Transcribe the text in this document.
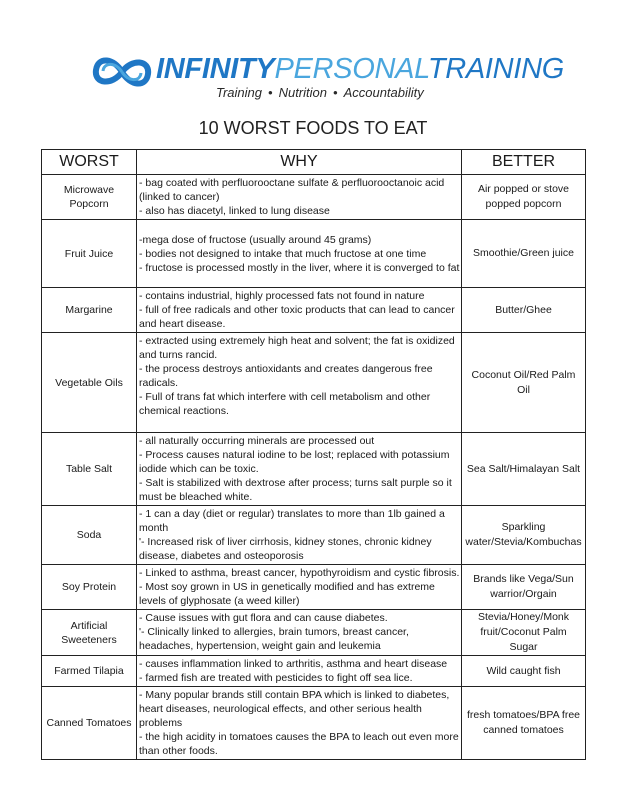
INFINITYPERSONALTRAINING
Training • Nutrition • Accountability
10 WORST FOODS TO EAT
WORST	WHY	BETTER
Microwave Popcorn	- bag coated with perfluorooctane sulfate & perfluorooctanoic acid (linked to cancer)
- also has diacetyl, linked to lung disease	Air popped or stove popped popcorn
Fruit Juice	-mega dose of fructose (usually around 45 grams)
- bodies not designed to intake that much fructose at one time
- fructose is processed mostly in the liver, where it is converged to fat	Smoothie/Green juice
Margarine	- contains industrial, highly processed fats not found in nature
- full of free radicals and other toxic products that can lead to cancer and heart disease.	Butter/Ghee
Vegetable Oils	- extracted using extremely high heat and solvent; the fat is oxidized and turns rancid.
- the process destroys antioxidants and creates dangerous free radicals.
- Full of trans fat which interfere with cell metabolism and other chemical reactions.	Coconut Oil/Red Palm Oil
Table Salt	- all naturally occurring minerals are processed out
- Process causes natural iodine to be lost; replaced with potassium iodide which can be toxic.
- Salt is stabilized with dextrose after process; turns salt purple so it must be bleached white.	Sea Salt/Himalayan Salt
Soda	- 1 can a day (diet or regular) translates to more than 1lb gained a month
'- Increased risk of liver cirrhosis, kidney stones, chronic kidney disease, diabetes and osteoporosis	Sparkling water/Stevia/Kombuchas
Soy Protein	- Linked to asthma, breast cancer, hypothyroidism and cystic fibrosis.
- Most soy grown in US in genetically modified and has extreme levels of glyphosate (a weed killer)	Brands like Vega/Sun warrior/Orgain
Artificial Sweeteners	- Cause issues with gut flora and can cause diabetes.
'- Clinically linked to allergies, brain tumors, breast cancer, headaches, hypertension, weight gain and leukemia	Stevia/Honey/Monk fruit/Coconut Palm Sugar
Farmed Tilapia	- causes inflammation linked to arthritis, asthma and heart disease
- farmed fish are treated with pesticides to fight off sea lice.	Wild caught fish
Canned Tomatoes	- Many popular brands still contain BPA which is linked to diabetes, heart diseases, neurological effects, and other serious health problems
- the high acidity in tomatoes causes the BPA to leach out even more than other foods.	fresh tomatoes/BPA free canned tomatoes
